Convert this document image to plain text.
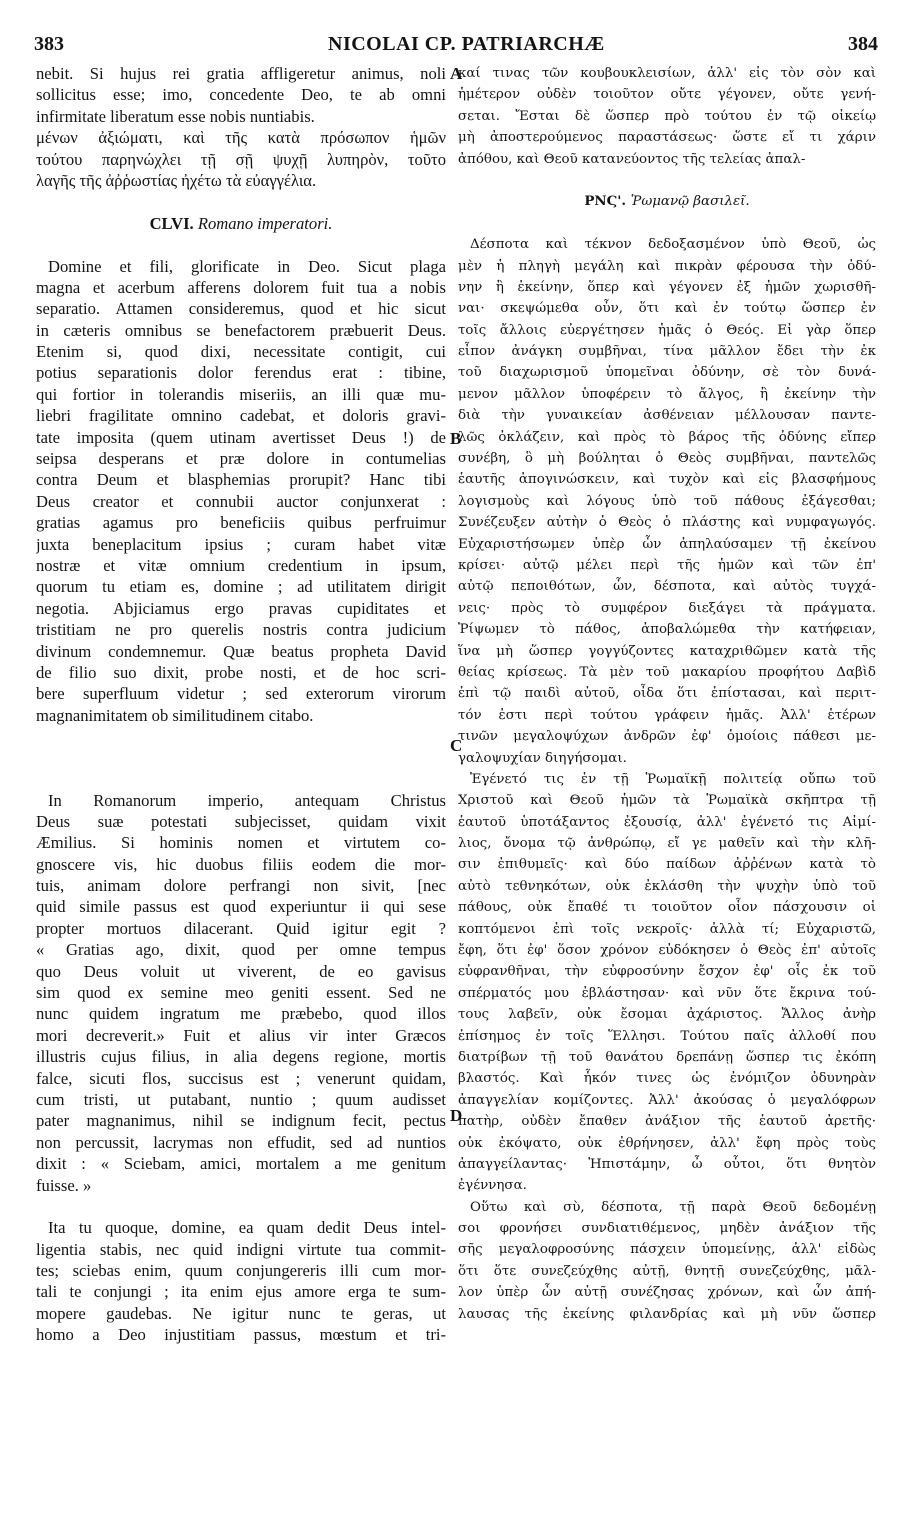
383	NICOLAI CP. PATRIARCHÆ	384
nebit. Si hujus rei gratia affligeretur animus, noli
sollicitus esse; imo, concedente Deo, te ab omni
infirmitate liberatum esse nobis nuntiabis.
μένων ἀξιώματι, καὶ τῆς κατὰ πρόσωπον ἡμῶν
τούτου παρηνώχλει τῇ σῇ ψυχῇ λυπηρὸν, τοῦτο
λαγῆς τῆς ἀῤῥωστίας ἠχέτω τὰ εὐαγγέλια.
CLVI. Romano imperatori.
Domine et fili, glorificate in Deo. Sicut plaga
magna et acerbum afferens dolorem fuit tua a nobis
separatio. Attamen consideremus, quod et hic sicut
in cæteris omnibus se benefactorem præbuerit Deus.
Etenim si, quod dixi, necessitate contigit, cui
potius separationis dolor ferendus erat : tibine,
qui fortior in tolerandis miseriis, an illi quæ mu-
liebri fragilitate omnino cadebat, et doloris gravi-
tate imposita (quem utinam avertisset Deus !) de
seipsa desperans et præ dolore in contumelias
contra Deum et blasphemias prorupit? Hanc tibi
Deus creator et connubii auctor conjunxerat :
gratias agamus pro beneficiis quibus perfruimur
juxta beneplacitum ipsius ; curam habet vitæ
nostræ et vitæ omnium credentium in ipsum,
quorum tu etiam es, domine ; ad utilitatem dirigit
negotia. Abjiciamus ergo pravas cupiditates et
tristitiam ne pro querelis nostris contra judicium
divinum condemnemur. Quæ beatus propheta David
de filio suo dixit, probe nosti, et de hoc scri-
bere superfluum videtur ; sed exterorum virorum
magnanimitatem ob similitudinem citabo.
In Romanorum imperio, antequam Christus
Deus suæ potestati subjecisset, quidam vixit
Æmilius. Si hominis nomen et virtutem co-
gnoscere vis, hic duobus filiis eodem die mor-
tuis, animam dolore perfrangi non sivit, [nec
quid simile passus est quod experiuntur ii qui sese
propter mortuos dilacerant. Quid igitur egit ?
« Gratias ago, dixit, quod per omne tempus
quo Deus voluit ut viverent, de eo gavisus
sim quod ex semine meo geniti essent. Sed ne
nunc quidem ingratum me præbebo, quod illos
mori decreverit.» Fuit et alius vir inter Græcos
illustris cujus filius, in alia degens regione, mortis
falce, sicuti flos, succisus est ; venerunt quidam,
cum tristi, ut putabant, nuntio ; quum audisset
pater magnanimus, nihil se indignum fecit, pectus
non percussit, lacrymas non effudit, sed ad nuntios
dixit : « Sciebam, amici, mortalem a me genitum
fuisse. »
Ita tu quoque, domine, ea quam dedit Deus intel-
ligentia stabis, nec quid indigni virtute tua commit-
tes; sciebas enim, quum conjungereris illi cum mor-
tali te conjungi ; ita enim ejus amore erga te sum-
mopere gaudebas. Ne igitur nunc te geras, ut
homo a Deo injustitiam passus, mœstum et tri-
καί τινας τῶν κουβουκλεισίων, ἀλλ' εἰς τὸν σὸν καὶ
ἡμέτερον οὐδὲν τοιοῦτον οὔτε γέγονεν, οὔτε γενή-
σεται. Ἔσται δὲ ὥσπερ πρὸ τούτου ἐν τῷ οἰκείῳ
μὴ ἀποστερούμενος παραστάσεως· ὥστε εἴ τι χάριν
ἀπόθου, καὶ Θεοῦ κατανεύοντος τῆς τελείας ἀπαλ-
ΡΝϚ'. Ῥωμανῷ βασιλεῖ.
Δέσποτα καὶ τέκνον δεδοξασμένον ὑπὸ Θεοῦ, ὡς
μὲν ἡ πληγὴ μεγάλη καὶ πικρὰν φέρουσα τὴν ὀδύ-
νην ἢ ἐκείνην, ὅπερ καὶ γέγονεν ἐξ ἡμῶν χωρισθῆ-
ναι· σκεψώμεθα οὖν, ὅτι καὶ ἐν τούτῳ ὥσπερ ἐν
τοῖς ἄλλοις εὐεργέτησεν ἡμᾶς ὁ Θεός. Εἰ γὰρ ὅπερ
εἶπον ἀνάγκη συμβῆναι, τίνα μᾶλλον ἔδει τὴν ἐκ
τοῦ διαχωρισμοῦ ὑπομεῖναι ὀδύνην, σὲ τὸν δυνά-
μενον μᾶλλον ὑποφέρειν τὸ ἄλγος, ἢ ἐκείνην τὴν
διὰ τὴν γυναικείαν ἀσθένειαν μέλλουσαν παντε-
λῶς ὀκλάζειν, καὶ πρὸς τὸ βάρος τῆς ὀδύνης εἴπερ
συνέβη, ὃ μὴ βούληται ὁ Θεὸς συμβῆναι, παντελῶς
ἑαυτῆς ἀπογινώσκειν, καὶ τυχὸν καὶ εἰς βλασφήμους
λογισμοὺς καὶ λόγους ὑπὸ τοῦ πάθους ἐξάγεσθαι;
Συνέζευξεν αὐτὴν ὁ Θεὸς ὁ πλάστης καὶ νυμφαγωγός.
Εὐχαριστήσωμεν ὑπὲρ ὧν ἀπηλαύσαμεν τῇ ἐκείνου
κρίσει· αὐτῷ μέλει περὶ τῆς ἡμῶν καὶ τῶν ἐπ'
αὐτῷ πεποιθότων, ὧν, δέσποτα, καὶ αὐτὸς τυγχά-
νεις· πρὸς τὸ συμφέρον διεξάγει τὰ πράγματα.
Ῥίψωμεν τὸ πάθος, ἀποβαλώμεθα τὴν κατήφειαν,
ἵνα μὴ ὥσπερ γογγύζοντες καταχριθῶμεν κατὰ τῆς
θείας κρίσεως. Τὰ μὲν τοῦ μακαρίου προφήτου Δαβὶδ
ἐπὶ τῷ παιδὶ αὐτοῦ, οἶδα ὅτι ἐπίστασαι, καὶ περιτ-
τόν ἐστι περὶ τούτου γράφειν ἡμᾶς. Ἀλλ' ἑτέρων
τινῶν μεγαλοψύχων ἀνδρῶν ἐφ' ὁμοίοις πάθεσι με-
γαλοψυχίαν διηγήσομαι.
Ἐγένετό τις ἐν τῇ Ῥωμαϊκῇ πολιτείᾳ οὔπω τοῦ
Χριστοῦ καὶ Θεοῦ ἡμῶν τὰ Ῥωμαϊκὰ σκῆπτρα τῇ
ἑαυτοῦ ὑποτάξαντος ἐξουσίᾳ, ἀλλ' ἐγένετό τις Αἰμί-
λιος, ὄνομα τῷ ἀνθρώπῳ, εἴ γε μαθεῖν καὶ τὴν κλῆ-
σιν ἐπιθυμεῖς· καὶ δύο παίδων ἀῤῥένων κατὰ τὸ
αὐτὸ τεθνηκότων, οὐκ ἐκλάσθη τὴν ψυχὴν ὑπὸ τοῦ
πάθους, οὐκ ἔπαθέ τι τοιοῦτον οἷον πάσχουσιν οἱ
κοπτόμενοι ἐπὶ τοῖς νεκροῖς· ἀλλὰ τί; Εὐχαριστῶ,
ἔφη, ὅτι ἐφ' ὅσον χρόνον εὐδόκησεν ὁ Θεὸς ἐπ' αὐτοῖς
εὐφρανθῆναι, τὴν εὐφροσύνην ἔσχον ἐφ' οἷς ἐκ τοῦ
σπέρματός μου ἐβλάστησαν· καὶ νῦν ὅτε ἔκρινα τού-
τους λαβεῖν, οὐκ ἔσομαι ἀχάριστος. Ἄλλος ἀνὴρ
ἐπίσημος ἐν τοῖς Ἕλλησι. Τούτου παῖς ἀλλοθί που
διατρίβων τῇ τοῦ θανάτου δρεπάνῃ ὥσπερ τις ἐκόπη
βλαστός. Καὶ ἧκόν τινες ὡς ἐνόμιζον ὀδυνηρὰν
ἀπαγγελίαν κομίζοντες. Ἀλλ' ἀκούσας ὁ μεγαλόφρων
πατὴρ, οὐδὲν ἔπαθεν ἀνάξιον τῆς ἑαυτοῦ ἀρετῆς·
οὐκ ἐκόψατο, οὐκ ἐθρήνησεν, ἀλλ' ἔφη πρὸς τοὺς
ἀπαγγείλαντας· Ἠπιστάμην, ὦ οὗτοι, ὅτι θνητὸν
ἐγέννησα.
Οὕτω καὶ σὺ, δέσποτα, τῇ παρὰ Θεοῦ δεδομένῃ
σοι φρονήσει συνδιατιθέμενος, μηδὲν ἀνάξιον τῆς
σῆς μεγαλοφροσύνης πάσχειν ὑπομείνῃς, ἀλλ' εἰδὼς
ὅτι ὅτε συνεζεύχθης αὐτῇ, θνητῇ συνεζεύχθης, μᾶλ-
λον ὑπὲρ ὧν αὐτῇ συνέζησας χρόνων, καὶ ὧν ἀπή-
λαυσας τῆς ἐκείνης φιλανδρίας καὶ μὴ νῦν ὥσπερ
A
B
C
D
